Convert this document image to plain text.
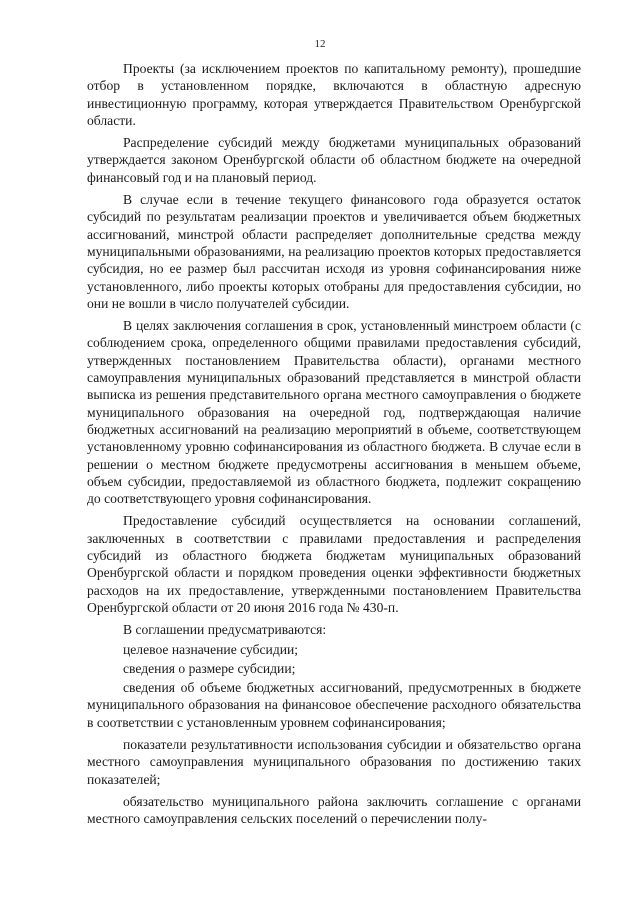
12

Проекты (за исключением проектов по капитальному ремонту), прошедшие отбор в установленном порядке, включаются в областную адресную инвестиционную программу, которая утверждается Правительством Оренбургской области.

Распределение субсидий между бюджетами муниципальных образований утверждается законом Оренбургской области об областном бюджете на очередной финансовый год и на плановый период.

В случае если в течение текущего финансового года образуется остаток субсидий по результатам реализации проектов и увеличивается объем бюджетных ассигнований, минстрой области распределяет дополнительные средства между муниципальными образованиями, на реализацию проектов которых предоставляется субсидия, но ее размер был рассчитан исходя из уровня софинансирования ниже установленного, либо проекты которых отобраны для предоставления субсидии, но они не вошли в число получателей субсидии.

В целях заключения соглашения в срок, установленный минстроем области (с соблюдением срока, определенного общими правилами предоставления субсидий, утвержденных постановлением Правительства области), органами местного самоуправления муниципальных образований представляется в минстрой области выписка из решения представительного органа местного самоуправления о бюджете муниципального образования на очередной год, подтверждающая наличие бюджетных ассигнований на реализацию мероприятий в объеме, соответствующем установленному уровню софинансирования из областного бюджета. В случае если в решении о местном бюджете предусмотрены ассигнования в меньшем объеме, объем субсидии, предоставляемой из областного бюджета, подлежит сокращению до соответствующего уровня софинансирования.

Предоставление субсидий осуществляется на основании соглашений, заключенных в соответствии с правилами предоставления и распределения субсидий из областного бюджета бюджетам муниципальных образований Оренбургской области и порядком проведения оценки эффективности бюджетных расходов на их предоставление, утвержденными постановлением Правительства Оренбургской области от 20 июня 2016 года № 430-п.

В соглашении предусматриваются:

целевое назначение субсидии;

сведения о размере субсидии;

сведения об объеме бюджетных ассигнований, предусмотренных в бюджете муниципального образования на финансовое обеспечение расходного обязательства в соответствии с установленным уровнем софинансирования;

показатели результативности использования субсидии и обязательство органа местного самоуправления муниципального образования по достижению таких показателей;

обязательство муниципального района заключить соглашение с органами местного самоуправления сельских поселений о перечислении полу-
